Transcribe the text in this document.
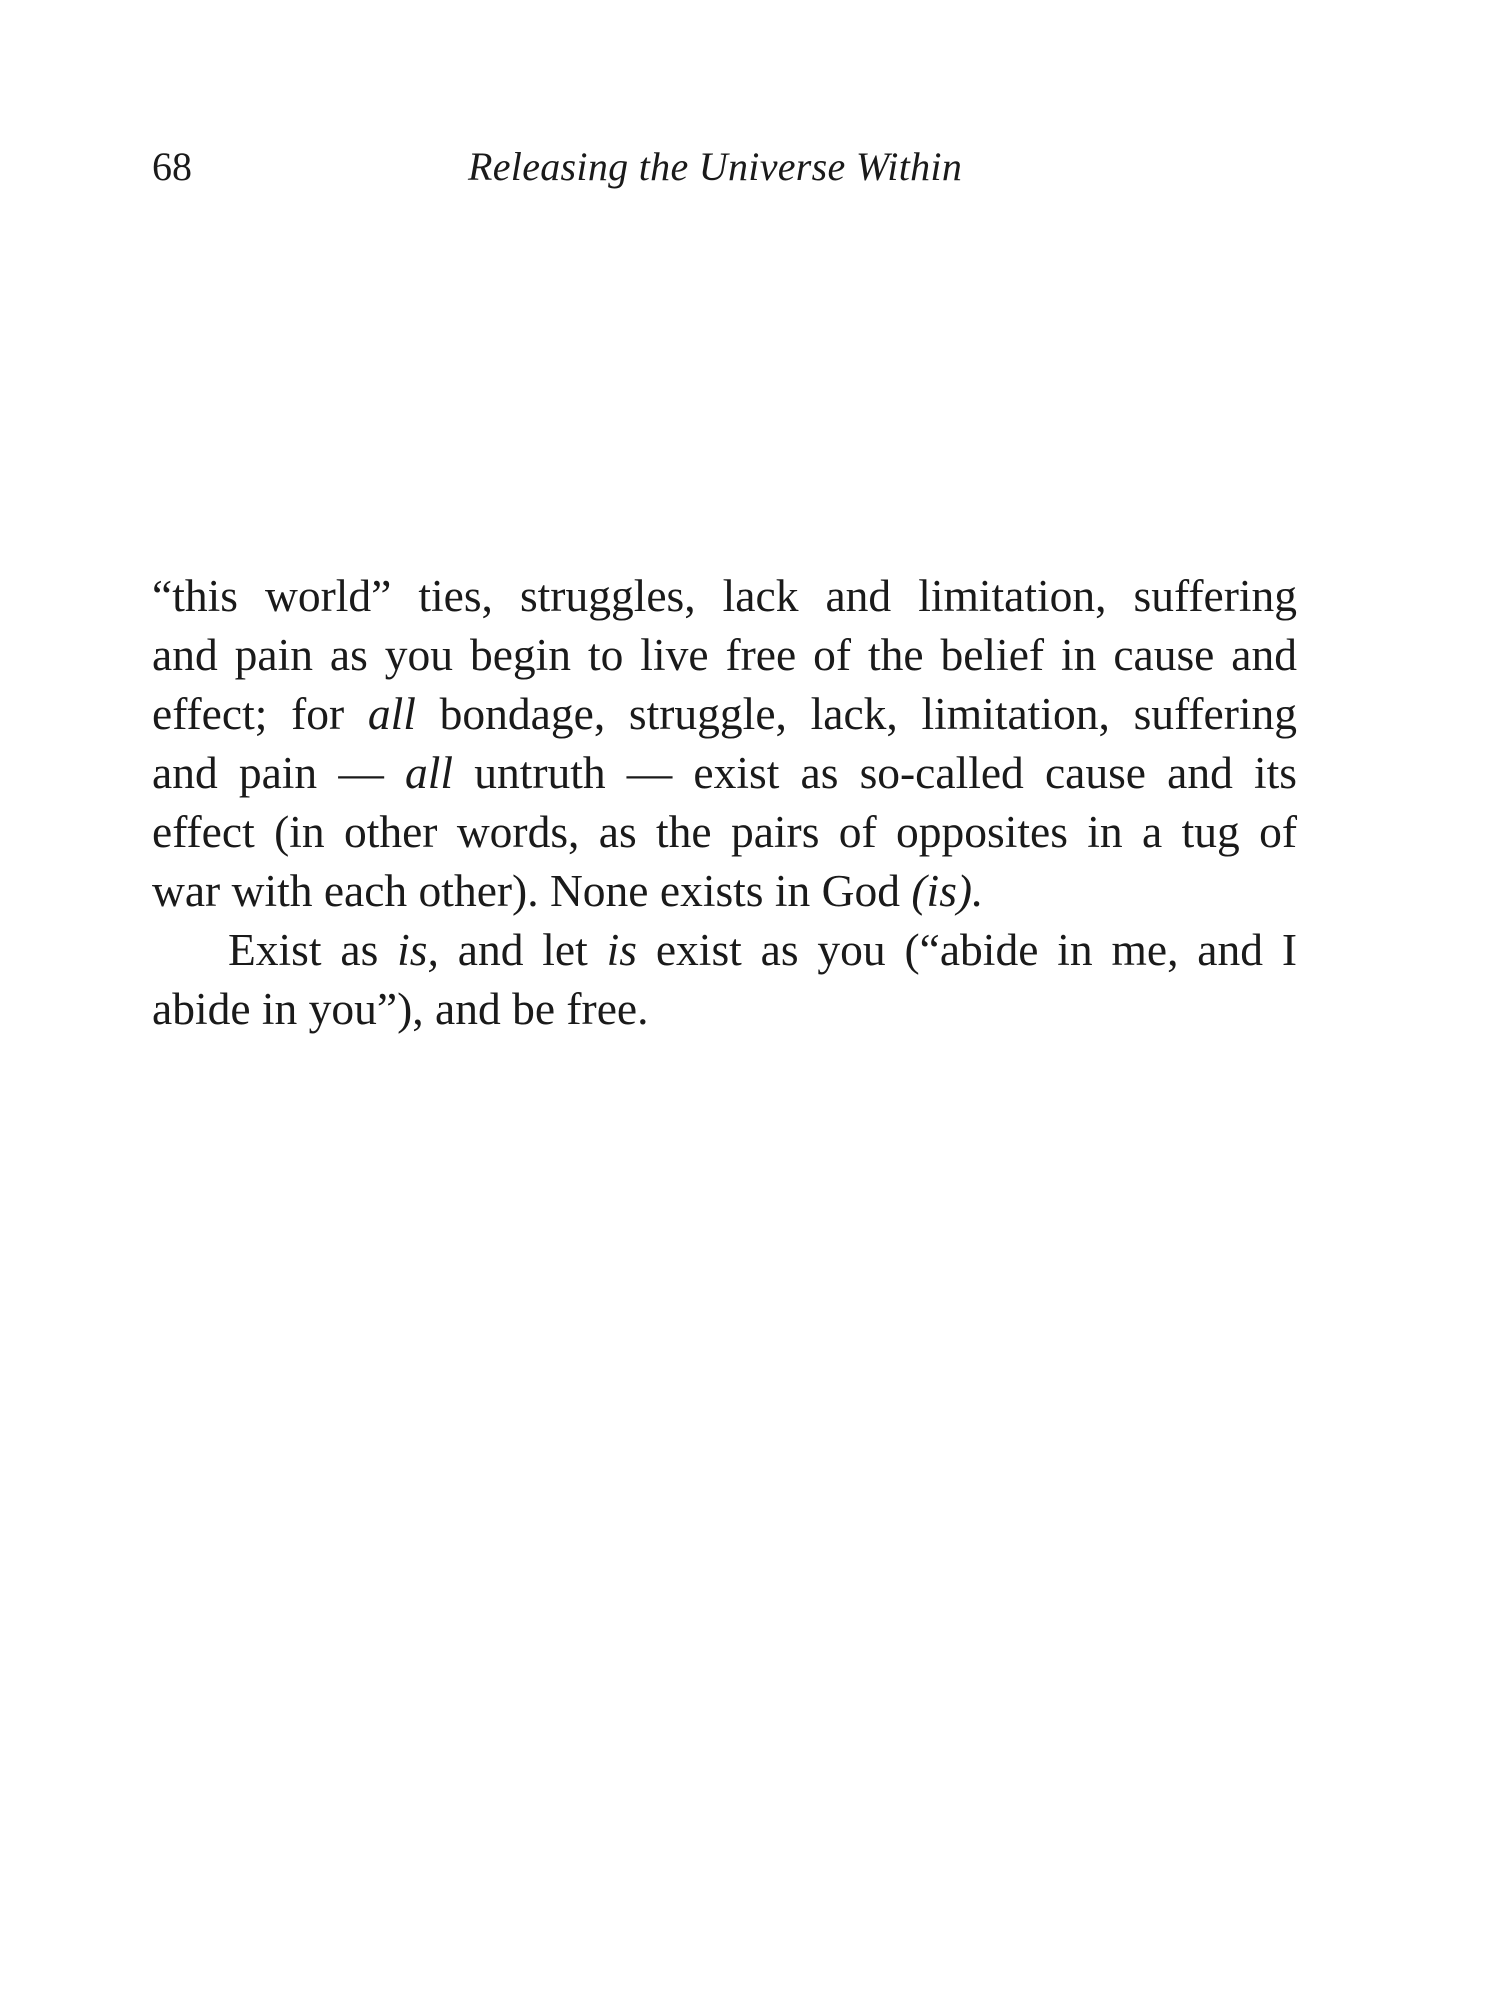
68	Releasing the Universe Within
“this world” ties, struggles, lack and limitation, suffering
and pain as you begin to live free of the belief in cause and
effect; for all bondage, struggle, lack, limitation, suffering
and pain — all untruth — exist as so-called cause and its
effect (in other words, as the pairs of opposites in a tug of
war with each other). None exists in God (is).
Exist as is, and let is exist as you (“abide in me, and I
abide in you”), and be free.
